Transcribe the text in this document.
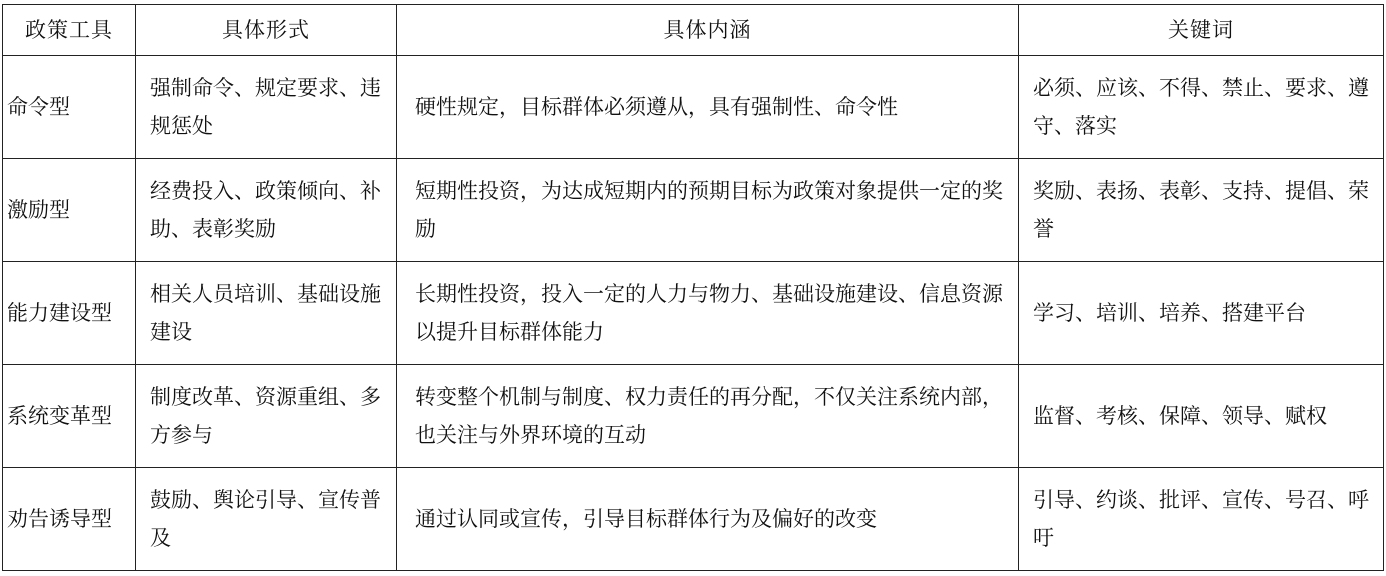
政策工具	具体形式	具体内涵	关键词
命令型	强制命令、规定要求、违规惩处	硬性规定，目标群体必须遵从，具有强制性、命令性	必须、应该、不得、禁止、要求、遵守、落实
激励型	经费投入、政策倾向、补助、表彰奖励	短期性投资，为达成短期内的预期目标为政策对象提供一定的奖励	奖励、表扬、表彰、支持、提倡、荣誉
能力建设型	相关人员培训、基础设施建设	长期性投资，投入一定的人力与物力、基础设施建设、信息资源以提升目标群体能力	学习、培训、培养、搭建平台
系统变革型	制度改革、资源重组、多方参与	转变整个机制与制度、权力责任的再分配，不仅关注系统内部，也关注与外界环境的互动	监督、考核、保障、领导、赋权
劝告诱导型	鼓励、舆论引导、宣传普及	通过认同或宣传，引导目标群体行为及偏好的改变	引导、约谈、批评、宣传、号召、呼吁
